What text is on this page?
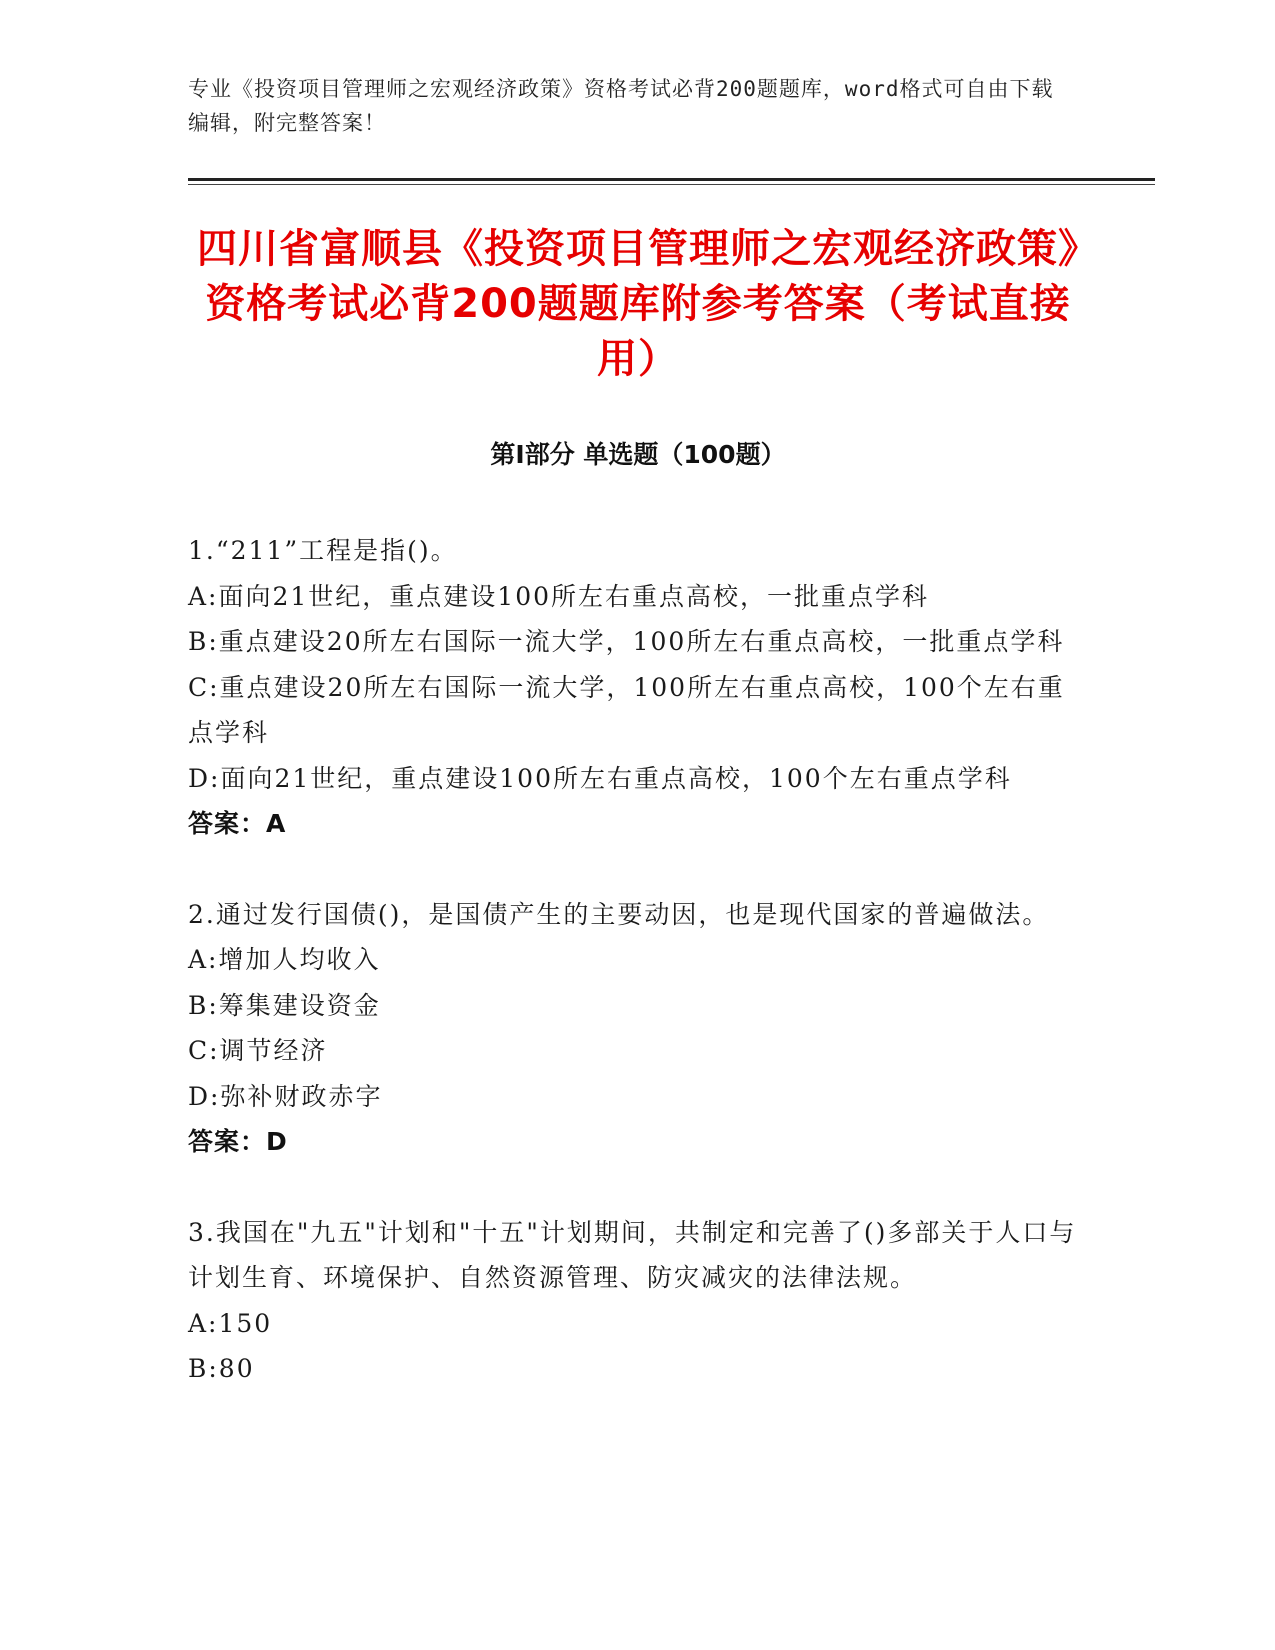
专业《投资项目管理师之宏观经济政策》资格考试必背200题题库，word格式可自由下载编辑，附完整答案！
四川省富顺县《投资项目管理师之宏观经济政策》资格考试必背200题题库附参考答案（考试直接用）
第Ⅰ部分 单选题（100题）

1.“211”工程是指()。

A:面向21世纪，重点建设100所左右重点高校，一批重点学科

B:重点建设20所左右国际一流大学，100所左右重点高校，一批重点学科

C:重点建设20所左右国际一流大学，100所左右重点高校，100个左右重点学科

D:面向21世纪，重点建设100所左右重点高校，100个左右重点学科

答案：A

2.通过发行国债()，是国债产生的主要动因，也是现代国家的普遍做法。

A:增加人均收入

B:筹集建设资金

C:调节经济

D:弥补财政赤字

答案：D

3.我国在"九五"计划和"十五"计划期间，共制定和完善了()多部关于人口与计划生育、环境保护、自然资源管理、防灾减灾的法律法规。

A:150

B:80
